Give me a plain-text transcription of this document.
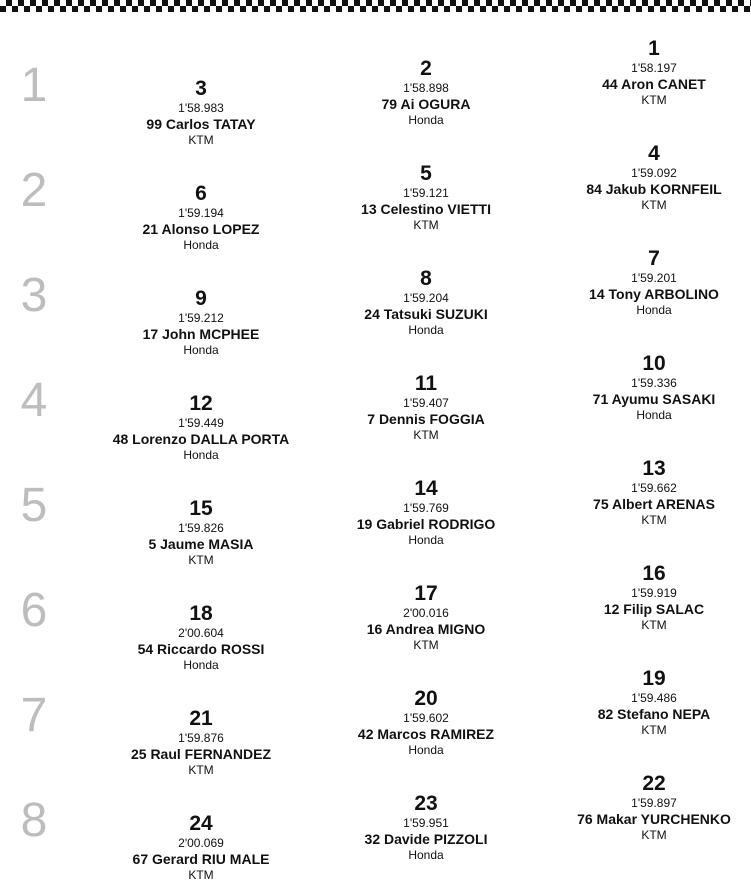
1	3
1'58.983
99 Carlos TATAY
KTM
2
1'58.898
79 Ai OGURA
Honda
1
1'58.197
44 Aron CANET
KTM
2	6
1'59.194
21 Alonso LOPEZ
Honda
5
1'59.121
13 Celestino VIETTI
KTM
4
1'59.092
84 Jakub KORNFEIL
KTM
3	9
1'59.212
17 John MCPHEE
Honda
8
1'59.204
24 Tatsuki SUZUKI
Honda
7
1'59.201
14 Tony ARBOLINO
Honda
4	12
1'59.449
48 Lorenzo DALLA PORTA
Honda
11
1'59.407
7 Dennis FOGGIA
KTM
10
1'59.336
71 Ayumu SASAKI
Honda
5	15
1'59.826
5 Jaume MASIA
KTM
14
1'59.769
19 Gabriel RODRIGO
Honda
13
1'59.662
75 Albert ARENAS
KTM
6	18
2'00.604
54 Riccardo ROSSI
Honda
17
2'00.016
16 Andrea MIGNO
KTM
16
1'59.919
12 Filip SALAC
KTM
7	21
1'59.876
25 Raul FERNANDEZ
KTM
20
1'59.602
42 Marcos RAMIREZ
Honda
19
1'59.486
82 Stefano NEPA
KTM
8	24
2'00.069
67 Gerard RIU MALE
KTM
23
1'59.951
32 Davide PIZZOLI
Honda
22
1'59.897
76 Makar YURCHENKO
KTM
